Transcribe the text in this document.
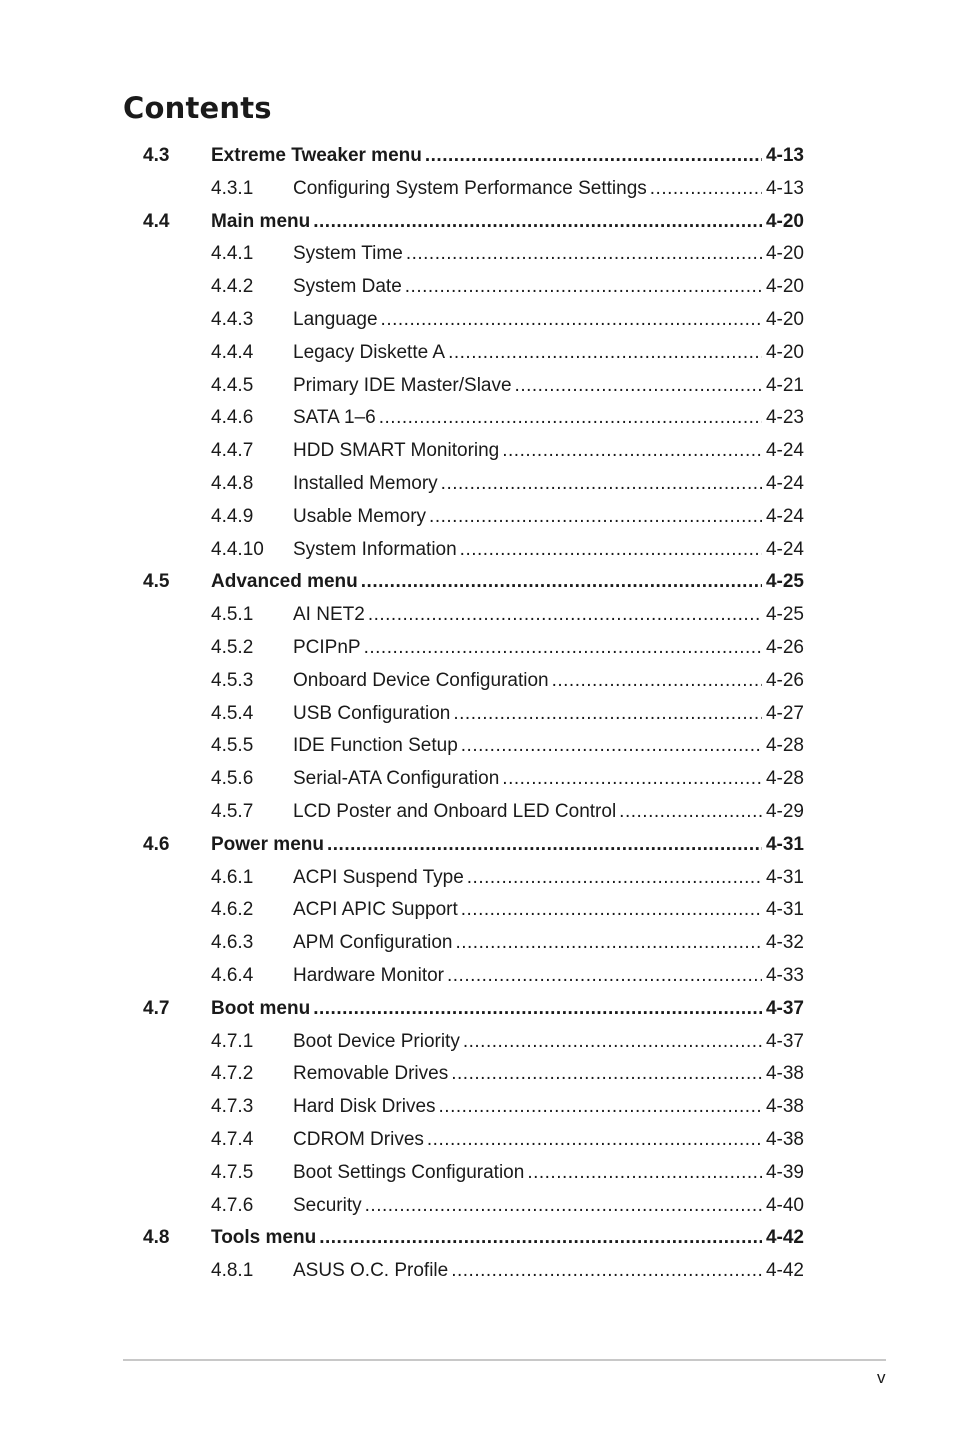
Contents
4.3 Extreme Tweaker menu .....	4-13
4.3.1 Configuring System Performance Settings .....	4-13
4.4 Main menu .....	4-20
4.4.1 System Time .....	4-20
4.4.2 System Date .....	4-20
4.4.3 Language .....	4-20
4.4.4 Legacy Diskette A .....	4-20
4.4.5 Primary IDE Master/Slave .....	4-21
4.4.6 SATA 1–6 .....	4-23
4.4.7 HDD SMART Monitoring .....	4-24
4.4.8 Installed Memory .....	4-24
4.4.9 Usable Memory .....	4-24
4.4.10 System Information .....	4-24
4.5 Advanced menu .....	4-25
4.5.1 AI NET2 .....	4-25
4.5.2 PCIPnP .....	4-26
4.5.3 Onboard Device Configuration .....	4-26
4.5.4 USB Configuration .....	4-27
4.5.5 IDE Function Setup .....	4-28
4.5.6 Serial-ATA Configuration .....	4-28
4.5.7 LCD Poster and Onboard LED Control .....	4-29
4.6 Power menu .....	4-31
4.6.1 ACPI Suspend Type .....	4-31
4.6.2 ACPI APIC Support .....	4-31
4.6.3 APM Configuration .....	4-32
4.6.4 Hardware Monitor .....	4-33
4.7 Boot menu .....	4-37
4.7.1 Boot Device Priority .....	4-37
4.7.2 Removable Drives .....	4-38
4.7.3 Hard Disk Drives .....	4-38
4.7.4 CDROM Drives .....	4-38
4.7.5 Boot Settings Configuration .....	4-39
4.7.6 Security .....	4-40
4.8 Tools menu .....	4-42
4.8.1 ASUS O.C. Profile .....	4-42
v
